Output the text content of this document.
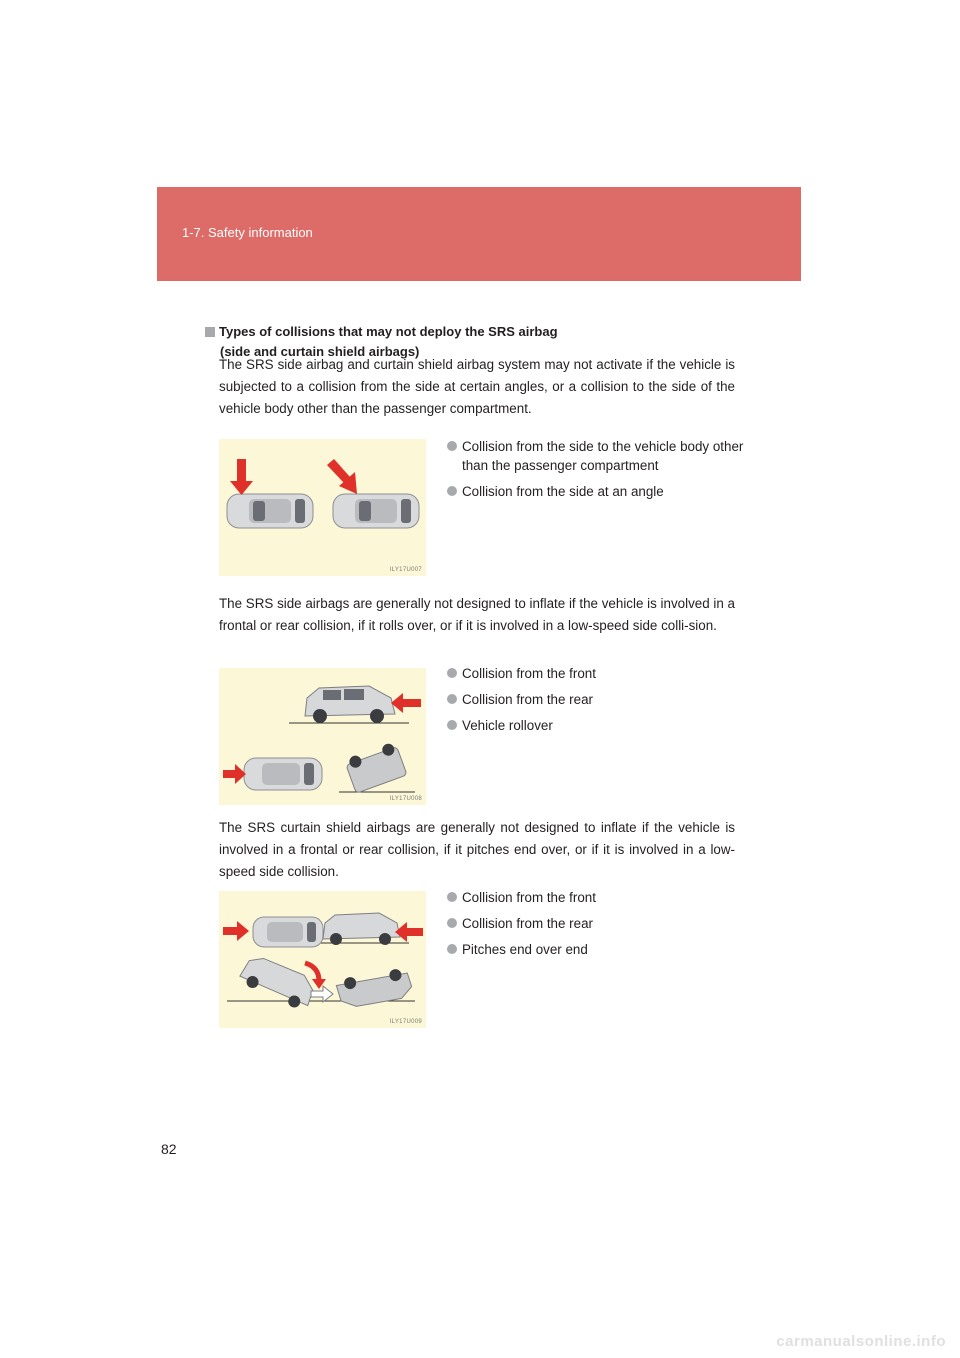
1-7. Safety information
Types of collisions that may not deploy the SRS airbag
(side and curtain shield airbags)

The SRS side airbag and curtain shield airbag system may not activate if the vehicle is subjected to a collision from the side at certain angles, or a collision to the side of the vehicle body other than the passenger compartment.

ILY17U007
Collision from the side to the vehicle body other than the passenger compartment
Collision from the side at an angle

The SRS side airbags are generally not designed to inflate if the vehicle is involved in a frontal or rear collision, if it rolls over, or if it is involved in a low-speed side colli-sion.

ILY17U008
Collision from the front
Collision from the rear
Vehicle rollover

The SRS curtain shield airbags are generally not designed to inflate if the vehicle is involved in a frontal or rear collision, if it pitches end over, or if it is involved in a low-speed side collision.

ILY17U009
Collision from the front
Collision from the rear
Pitches end over end
82
carmanualsonline.info
